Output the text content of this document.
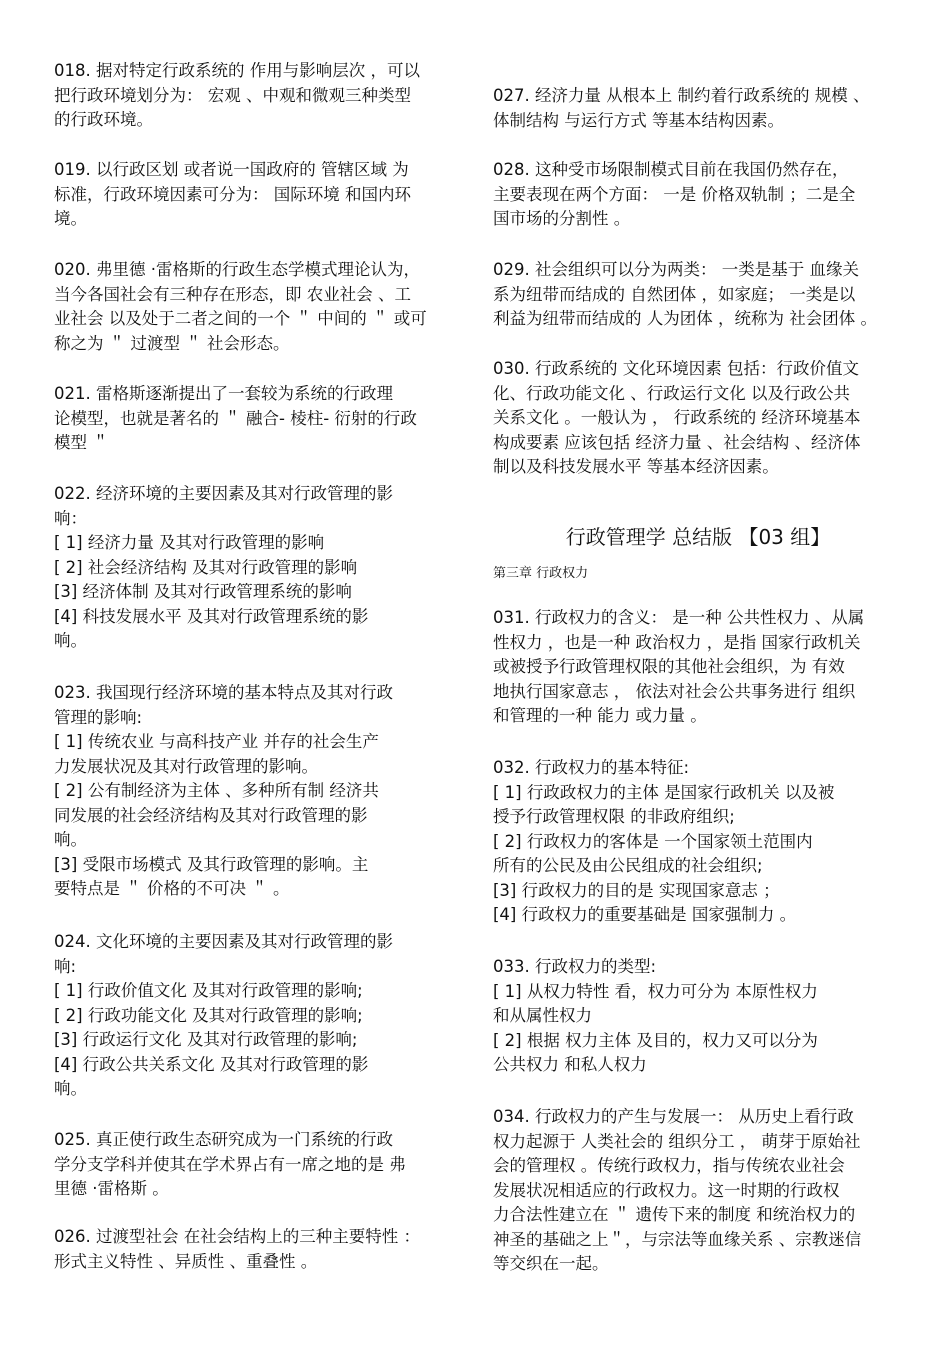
018. 据对特定行政系统的 作用与影响层次 ，可以
把行政环境划分为： 宏观 、中观和微观三种类型
的行政环境。
019. 以行政区划 或者说一国政府的 管辖区域 为
标准，行政环境因素可分为： 国际环境 和国内环
境。
020. 弗里德 ·雷格斯的行政生态学模式理论认为，
当今各国社会有三种存在形态，即 农业社会 、工
业社会 以及处于二者之间的一个 ＂ 中间的 ＂ 或可
称之为 ＂ 过渡型 ＂ 社会形态。
021. 雷格斯逐渐提出了一套较为系统的行政理
论模型，也就是著名的 ＂ 融合- 棱柱- 衍射的行政
模型 ＂
022. 经济环境的主要因素及其对行政管理的影
响：
[ 1] 经济力量 及其对行政管理的影响
[ 2] 社会经济结构 及其对行政管理的影响
[3] 经济体制 及其对行政管理系统的影响
[4] 科技发展水平 及其对行政管理系统的影
响。
023. 我国现行经济环境的基本特点及其对行政
管理的影响:
[ 1] 传统农业 与高科技产业 并存的社会生产
力发展状况及其对行政管理的影响。
[ 2] 公有制经济为主体 、多种所有制 经济共
同发展的社会经济结构及其对行政管理的影
响。
[3] 受限市场模式 及其行政管理的影响。主
要特点是 ＂ 价格的不可决 ＂ 。
024. 文化环境的主要因素及其对行政管理的影
响:
[ 1] 行政价值文化 及其对行政管理的影响;
[ 2] 行政功能文化 及其对行政管理的影响;
[3] 行政运行文化 及其对行政管理的影响;
[4] 行政公共关系文化 及其对行政管理的影
响。
025. 真正使行政生态研究成为一门系统的行政
学分支学科并使其在学术界占有一席之地的是 弗
里德 ·雷格斯 。
026. 过渡型社会 在社会结构上的三种主要特性 ：
形式主义特性 、异质性 、重叠性 。
行政管理学 总结版 【03 组】
第三章 行政权力
027. 经济力量 从根本上 制约着行政系统的 规模 、
体制结构 与运行方式 等基本结构因素。
028. 这种受市场限制模式目前在我国仍然存在，
主要表现在两个方面： 一是 价格双轨制 ；二是全
国市场的分割性 。
029. 社会组织可以分为两类： 一类是基于 血缘关
系为纽带而结成的 自然团体 ，如家庭； 一类是以
利益为纽带而结成的 人为团体 ，统称为 社会团体 。
030. 行政系统的 文化环境因素 包括：行政价值文
化、行政功能文化 、行政运行文化 以及行政公共
关系文化 。一般认为 ， 行政系统的 经济环境基本
构成要素 应该包括 经济力量 、社会结构 、经济体
制以及科技发展水平 等基本经济因素。
031. 行政权力的含义： 是一种 公共性权力 、从属
性权力 ，也是一种 政治权力 ，是指 国家行政机关
或被授予行政管理权限的其他社会组织，为 有效
地执行国家意志 ， 依法对社会公共事务进行 组织
和管理的一种 能力 或力量 。
032. 行政权力的基本特征:
[ 1] 行政政权力的主体 是国家行政机关 以及被
授予行政管理权限 的非政府组织;
[ 2] 行政权力的客体是 一个国家领土范围内
所有的公民及由公民组成的社会组织;
[3] 行政权力的目的是 实现国家意志 ；
[4] 行政权力的重要基础是 国家强制力 。
033. 行政权力的类型:
[ 1] 从权力特性 看，权力可分为 本原性权力
和从属性权力
[ 2] 根据 权力主体 及目的，权力又可以分为
公共权力 和私人权力
034. 行政权力的产生与发展一： 从历史上看行政
权力起源于 人类社会的 组织分工 ， 萌芽于原始社
会的管理权 。传统行政权力，指与传统农业社会
发展状况相适应的行政权力。这一时期的行政权
力合法性建立在 ＂ 遗传下来的制度 和统治权力的
神圣的基础之上＂，与宗法等血缘关系 、宗教迷信
等交织在一起。
